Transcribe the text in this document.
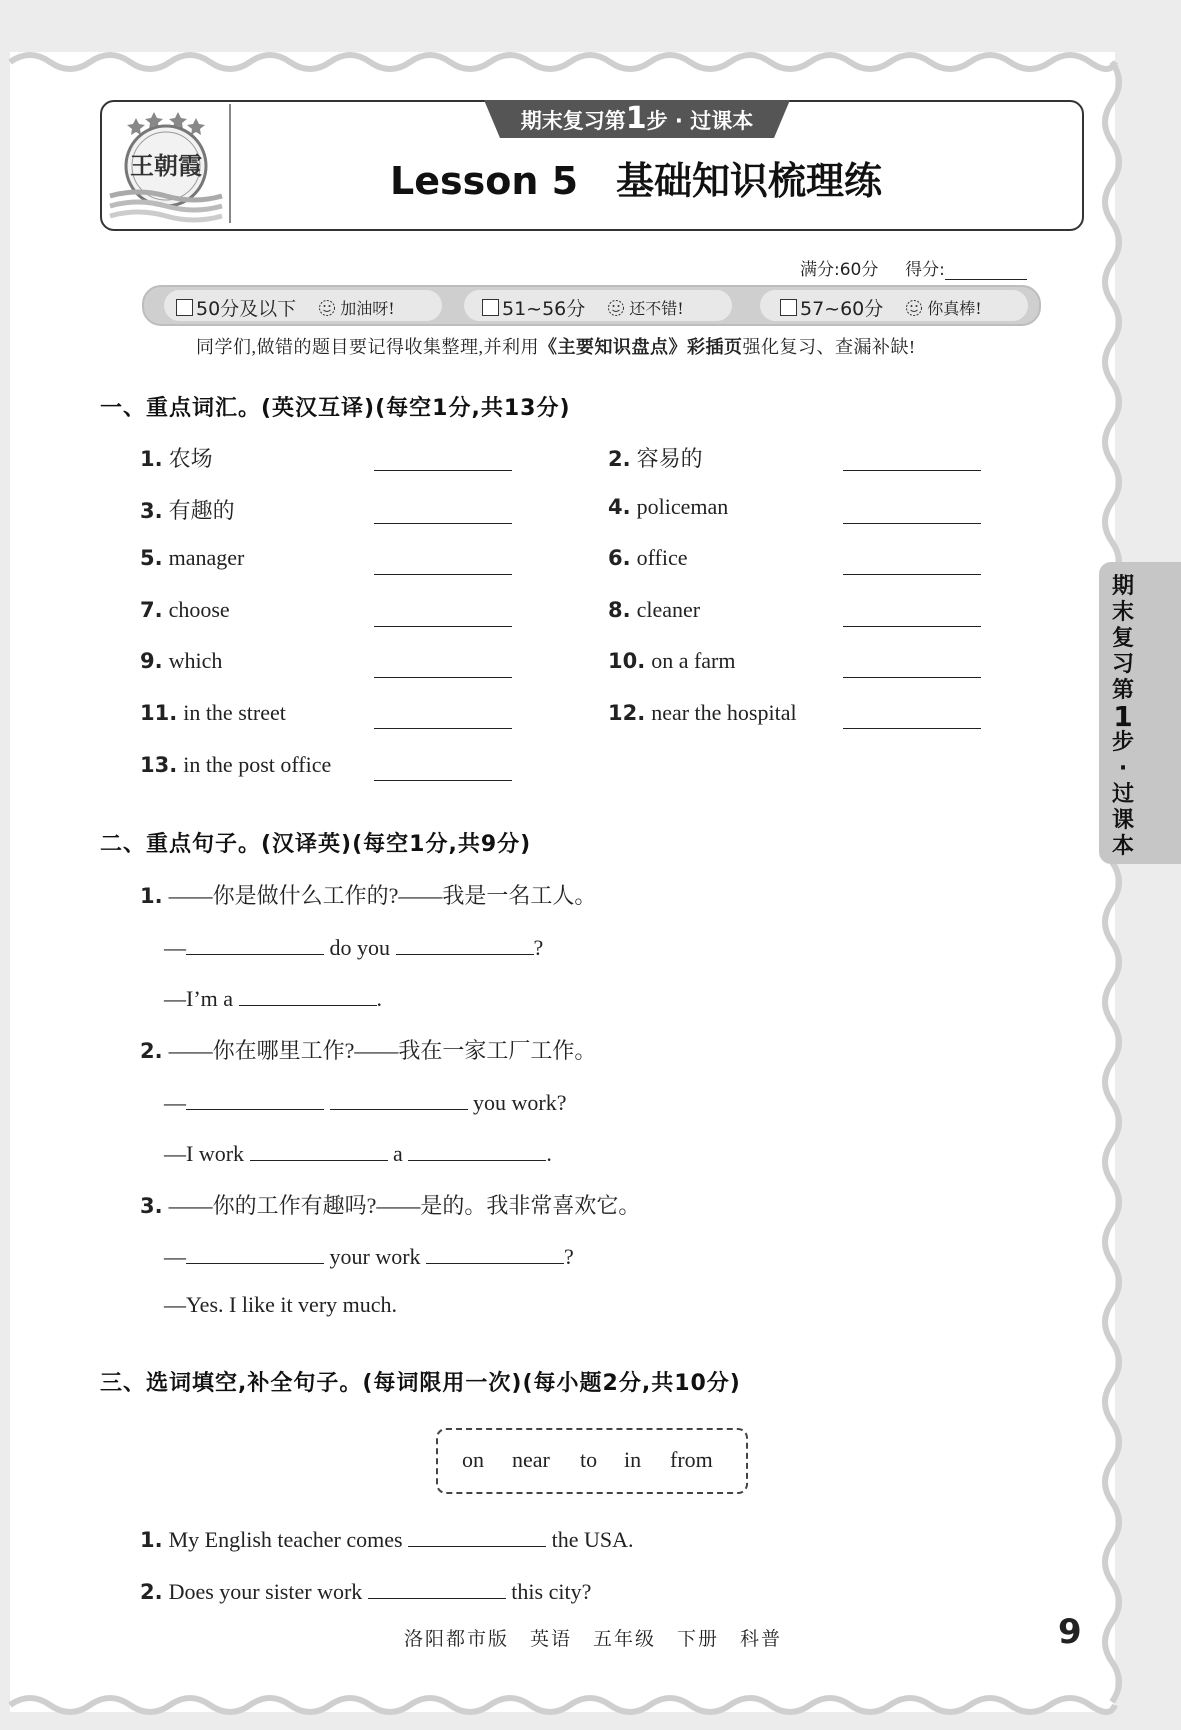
王朝霞
期末复习第1步 · 过课本
Lesson 5　基础知识梳理练
满分:60分 得分:
50分及以下	加油呀!	51~56分	还不错!	57~60分	你真棒!
同学们,做错的题目要记得收集整理,并利用《主要知识盘点》彩插页强化复习、查漏补缺!
一、重点词汇。(英汉互译)(每空1分,共13分)
1. 农场	2. 容易的
3. 有趣的	4. policeman
5. manager	6. office
7. choose	8. cleaner
9. which	10. on a farm
11. in the street	12. near the hospital
13. in the post office
二、重点句子。(汉译英)(每空1分,共9分)
1. ——你是做什么工作的?——我是一名工人。
—	do you	?
—I’m a	.
2. ——你在哪里工作?——我在一家工厂工作。
—	you work?
—I work	a	.
3. ——你的工作有趣吗?——是的。我非常喜欢它。
—	your work	?
—Yes. I like it very much.
三、选词填空,补全句子。(每词限用一次)(每小题2分,共10分)
on near to in from
1. My English teacher comes	the USA.
2. Does your sister work	this city?
洛阳都市版　英语　五年级　下册　科普	9
期
末
复
习
第
1
步
·
过
课
本
